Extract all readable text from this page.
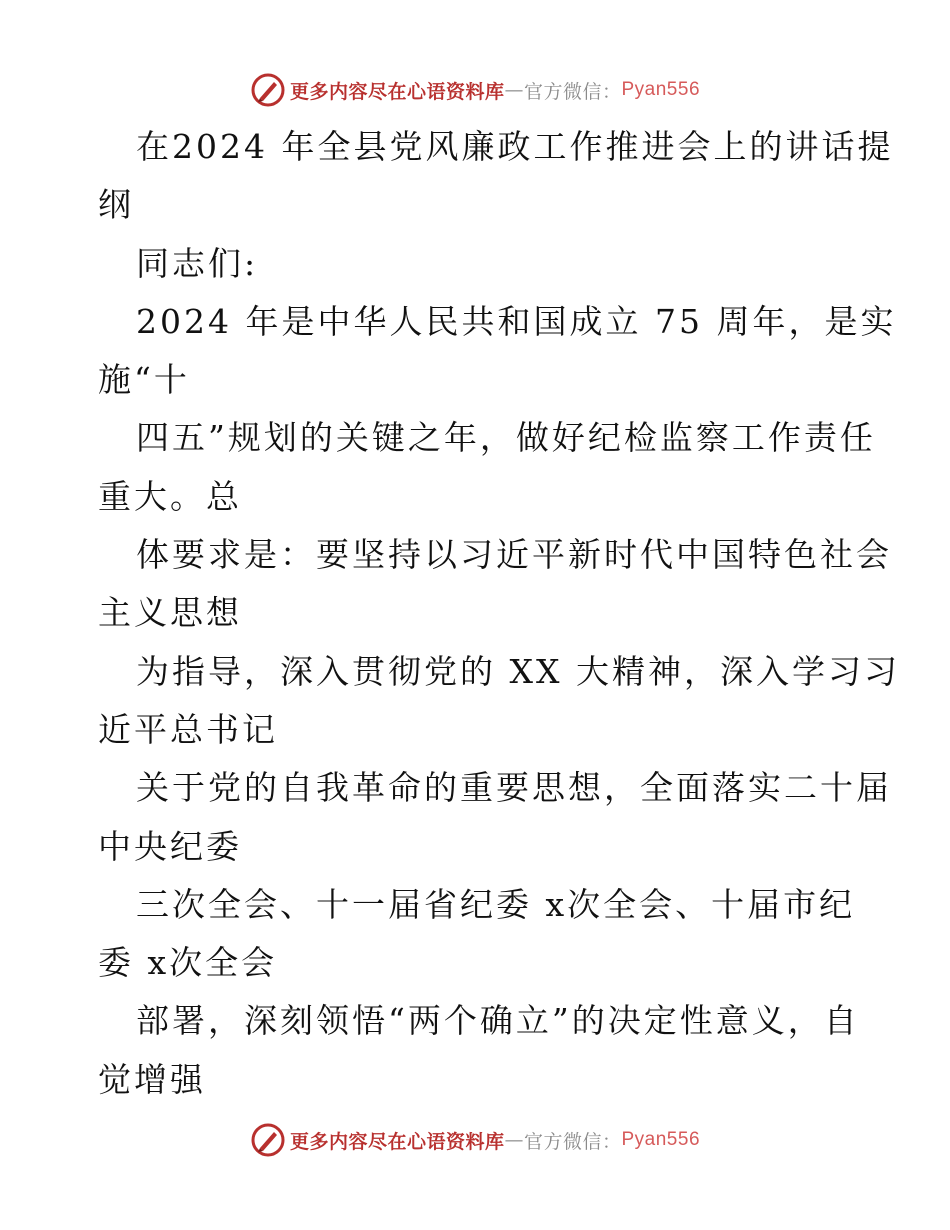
更多内容尽在心语资料库 — 官方微信： Pyan556
在2024 年全县党风廉政工作推进会上的讲话提
纲
同志们:
2024 年是中华人民共和国成立 75 周年，是实
施“十
四五”规划的关键之年，做好纪检监察工作责任
重大。总
体要求是：要坚持以习近平新时代中国特色社会
主义思想
为指导，深入贯彻党的 XX 大精神，深入学习习
近平总书记
关于党的自我革命的重要思想，全面落实二十届
中央纪委
三次全会、十一届省纪委 x次全会、十届市纪
委 x次全会
部署，深刻领悟“两个确立”的决定性意义，自
觉增强
更多内容尽在心语资料库 — 官方微信： Pyan556
